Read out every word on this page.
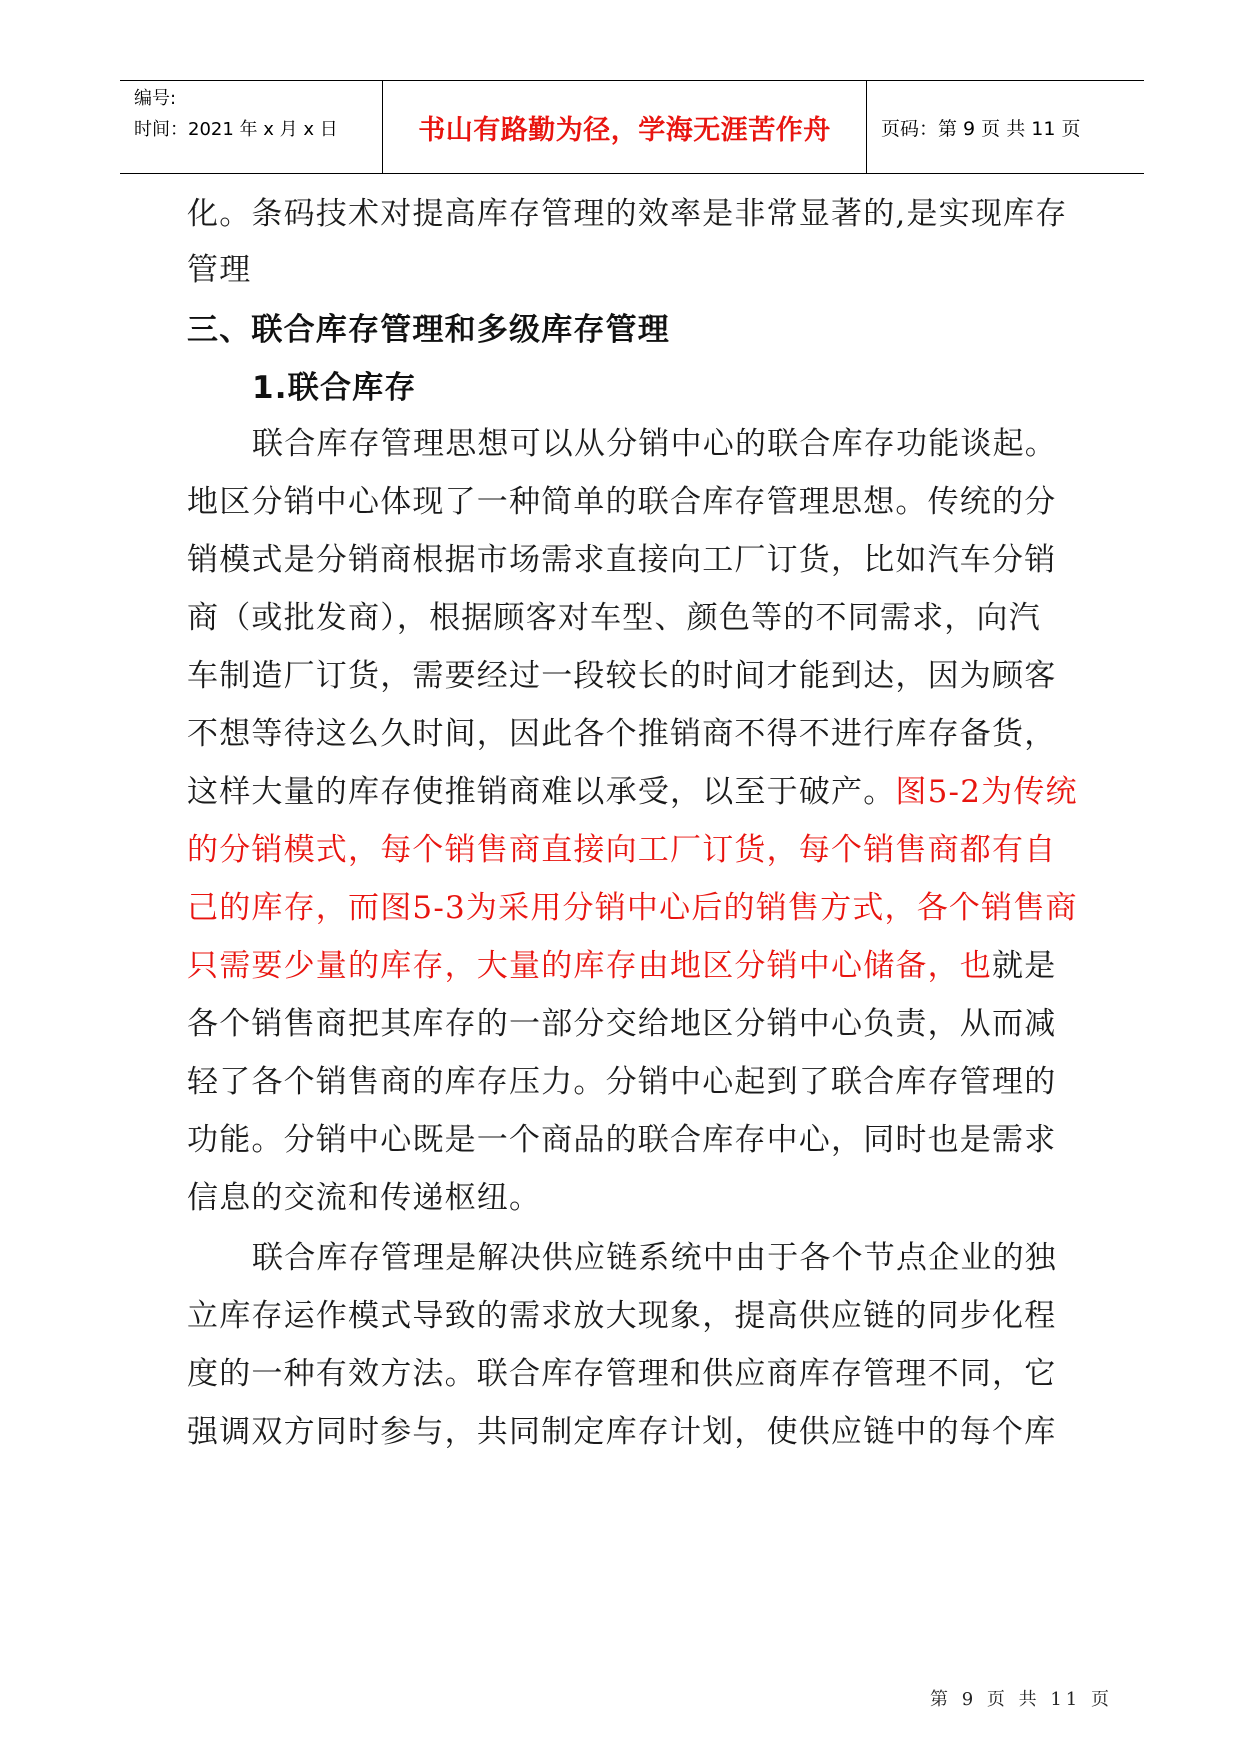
编号:
时间：2021 年 x 月 x 日	书山有路勤为径，学海无涯苦作舟	页码：第 9 页 共 11 页
化。条码技术对提高库存管理的效率是非常显著的,是实现库存
管理
三、联合库存管理和多级库存管理
1.联合库存
联合库存管理思想可以从分销中心的联合库存功能谈起。
地区分销中心体现了一种简单的联合库存管理思想。传统的分
销模式是分销商根据市场需求直接向工厂订货，比如汽车分销
商（或批发商），根据顾客对车型、颜色等的不同需求，向汽
车制造厂订货，需要经过一段较长的时间才能到达，因为顾客
不想等待这么久时间，因此各个推销商不得不进行库存备货，
这样大量的库存使推销商难以承受，以至于破产。图5-2为传统
的分销模式，每个销售商直接向工厂订货，每个销售商都有自
己的库存，而图5-3为采用分销中心后的销售方式，各个销售商
只需要少量的库存，大量的库存由地区分销中心储备，也就是
各个销售商把其库存的一部分交给地区分销中心负责，从而减
轻了各个销售商的库存压力。分销中心起到了联合库存管理的
功能。分销中心既是一个商品的联合库存中心，同时也是需求
信息的交流和传递枢纽。
联合库存管理是解决供应链系统中由于各个节点企业的独
立库存运作模式导致的需求放大现象，提高供应链的同步化程
度的一种有效方法。联合库存管理和供应商库存管理不同，它
强调双方同时参与，共同制定库存计划，使供应链中的每个库
第 9 页 共 11 页
